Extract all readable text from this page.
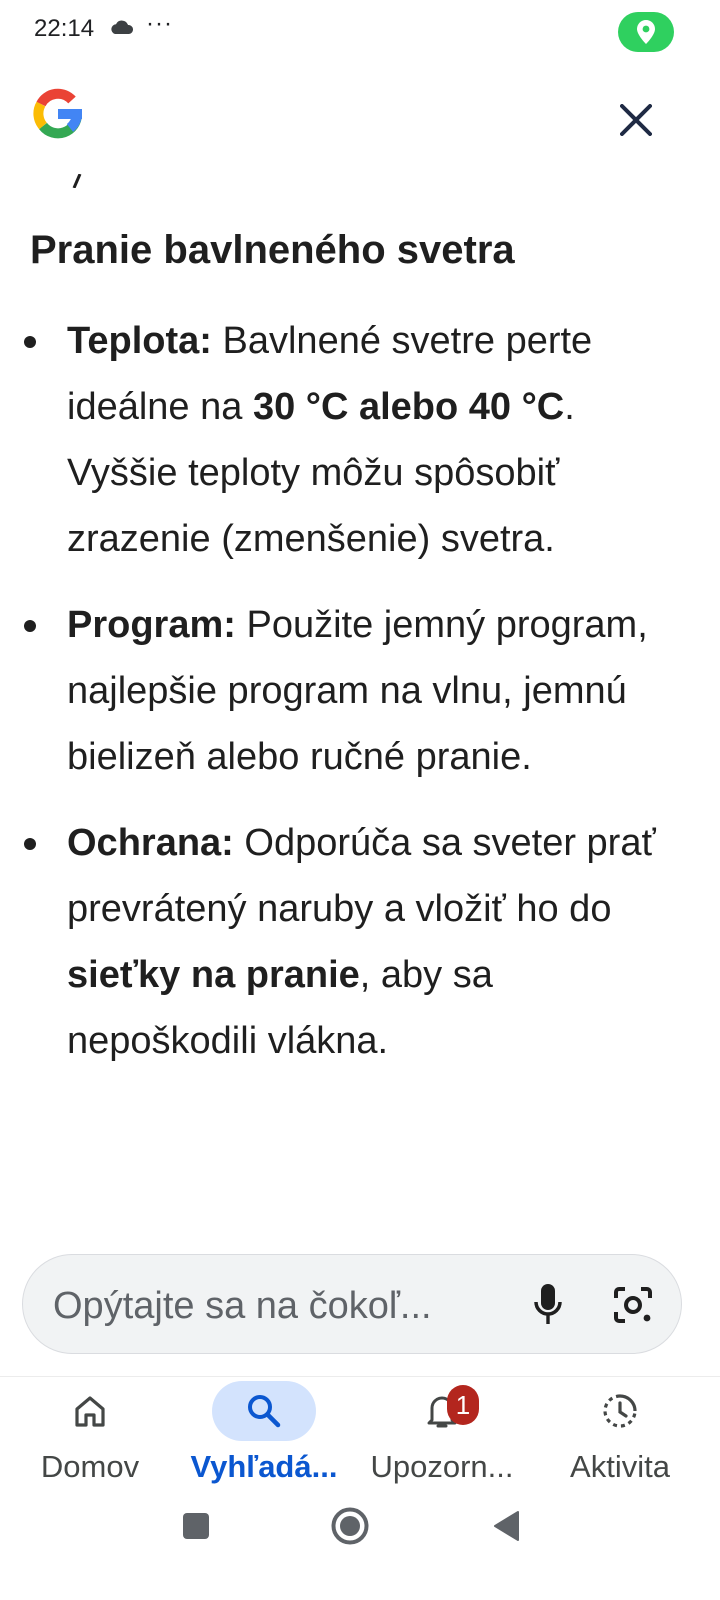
22:14 ···
Pranie bavlneného svetra
Teplota: Bavlnené svetre perte ideálne na 30 °C alebo 40 °C. Vyššie teploty môžu spôsobiť zrazenie (zmenšenie) svetra.
Program: Použite jemný program, najlepšie program na vlnu, jemnú bielizeň alebo ručné pranie.
Ochrana: Odporúča sa sveter prať prevrátený naruby a vložiť ho do sieťky na pranie, aby sa nepoškodili vlákna.
Opýtajte sa na čokoľ...
Domov	Vyhľadá...
1
Upozorn...	Aktivita
